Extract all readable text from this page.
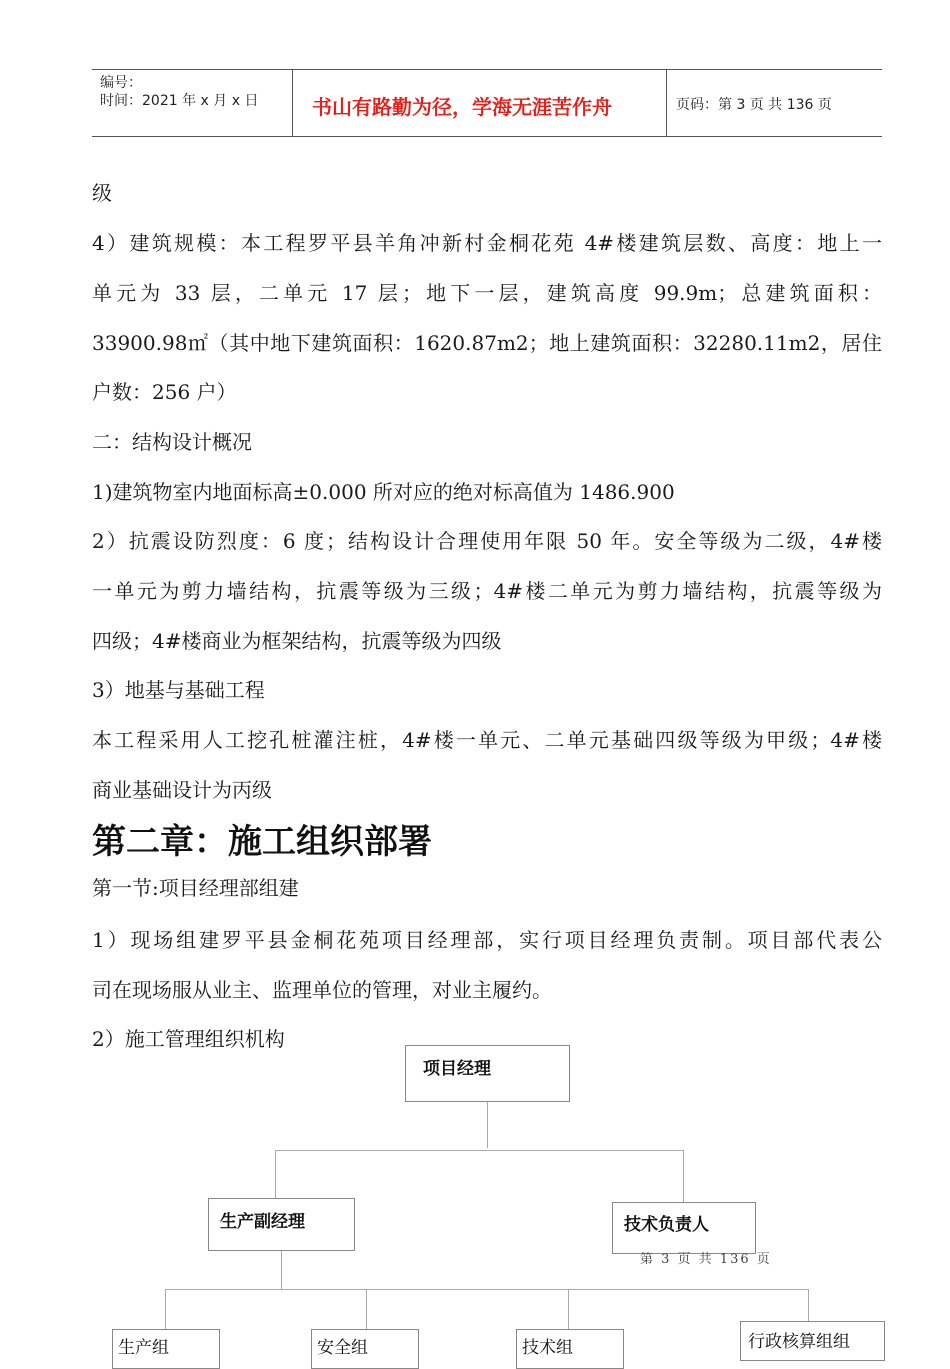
编号：
时间：2021 年 x 月 x 日	书山有路勤为径，学海无涯苦作舟	页码：第 3 页 共 136 页
级
4）建筑规模：本工程罗平县羊角冲新村金桐花苑 4#楼建筑层数、高度：地上一
单元为 33 层，二单元 17 层；地下一层，建筑高度 99.9m；总建筑面积：
33900.98㎡（其中地下建筑面积：1620.87m2；地上建筑面积：32280.11m2，居住
户数：256 户）
二：结构设计概况
1)建筑物室内地面标高±0.000 所对应的绝对标高值为 1486.900
2）抗震设防烈度：6 度；结构设计合理使用年限 50 年。安全等级为二级，4#楼
一单元为剪力墙结构，抗震等级为三级；4#楼二单元为剪力墙结构，抗震等级为
四级；4#楼商业为框架结构，抗震等级为四级
3）地基与基础工程
本工程采用人工挖孔桩灌注桩，4#楼一单元、二单元基础四级等级为甲级；4#楼
商业基础设计为丙级
第二章：施工组织部署
第一节:项目经理部组建
1）现场组建罗平县金桐花苑项目经理部，实行项目经理负责制。项目部代表公
司在现场服从业主、监理单位的管理，对业主履约。
2）施工管理组织机构
项目经理
生产副经理	技术负责人
第 3 页 共 136 页
生产组	安全组	技术组	行政核算组组
